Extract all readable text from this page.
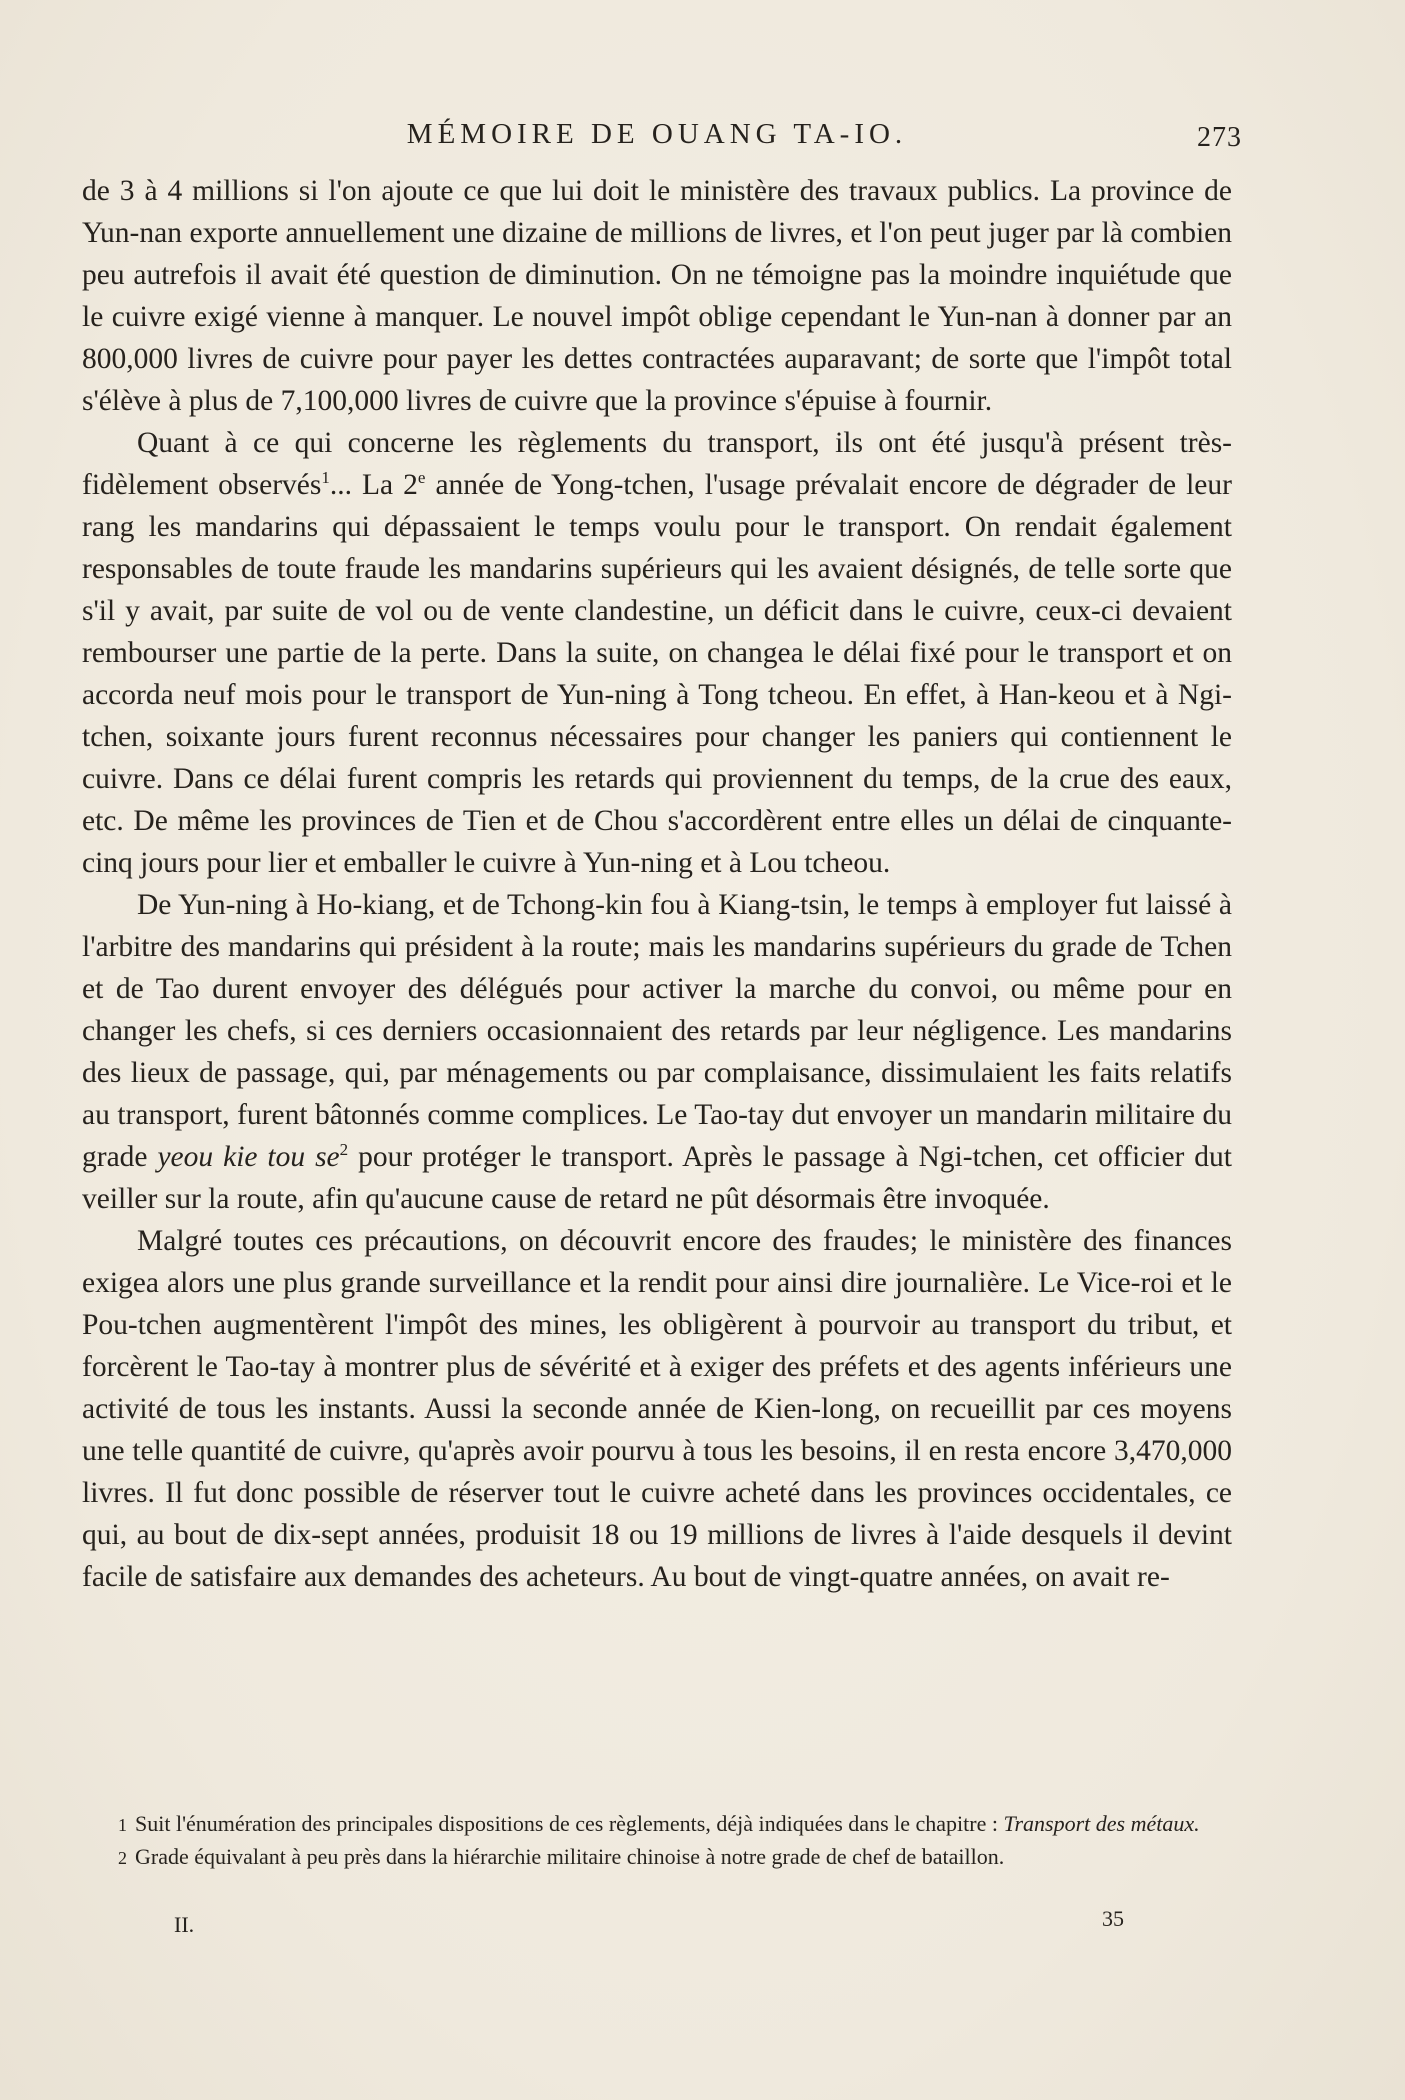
MÉMOIRE DE OUANG TA-IO.	273

de 3 à 4 millions si l'on ajoute ce que lui doit le ministère des travaux publics. La province de Yun-nan exporte annuellement une dizaine de millions de livres, et l'on peut juger par là combien peu autrefois il avait été question de diminution. On ne témoigne pas la moindre inquiétude que le cuivre exigé vienne à manquer. Le nouvel impôt oblige cependant le Yun-nan à donner par an 800,000 livres de cuivre pour payer les dettes contractées auparavant; de sorte que l'impôt total s'élève à plus de 7,100,000 livres de cuivre que la province s'épuise à fournir.

Quant à ce qui concerne les règlements du transport, ils ont été jusqu'à présent très-fidèlement observés$^1$... La 2e année de Yong-tchen, l'usage prévalait encore de dégrader de leur rang les mandarins qui dépassaient le temps voulu pour le transport. On rendait également responsables de toute fraude les mandarins supérieurs qui les avaient désignés, de telle sorte que s'il y avait, par suite de vol ou de vente clandestine, un déficit dans le cuivre, ceux-ci devaient rembourser une partie de la perte. Dans la suite, on changea le délai fixé pour le transport et on accorda neuf mois pour le transport de Yun-ning à Tong tcheou. En effet, à Han-keou et à Ngi-tchen, soixante jours furent reconnus nécessaires pour changer les paniers qui contiennent le cuivre. Dans ce délai furent compris les retards qui proviennent du temps, de la crue des eaux, etc. De même les provinces de Tien et de Chou s'accordèrent entre elles un délai de cinquante-cinq jours pour lier et emballer le cuivre à Yun-ning et à Lou tcheou.

De Yun-ning à Ho-kiang, et de Tchong-kin fou à Kiang-tsin, le temps à employer fut laissé à l'arbitre des mandarins qui président à la route; mais les mandarins supérieurs du grade de Tchen et de Tao durent envoyer des délégués pour activer la marche du convoi, ou même pour en changer les chefs, si ces derniers occasionnaient des retards par leur négligence. Les mandarins des lieux de passage, qui, par ménagements ou par complaisance, dissimulaient les faits relatifs au transport, furent bâtonnés comme complices. Le Tao-tay dut envoyer un mandarin militaire du grade yeou kie tou $se^2$ pour protéger le transport. Après le passage à Ngi-tchen, cet officier dut veiller sur la route, afin qu'aucune cause de retard ne pût désormais être invoquée.

Malgré toutes ces précautions, on découvrit encore des fraudes; le ministère des finances exigea alors une plus grande surveillance et la rendit pour ainsi dire journalière. Le Vice-roi et le Pou-tchen augmentèrent l'impôt des mines, les obligèrent à pourvoir au transport du tribut, et forcèrent le Tao-tay à montrer plus de sévérité et à exiger des préfets et des agents inférieurs une activité de tous les instants. Aussi la seconde année de Kien-long, on recueillit par ces moyens une telle quantité de cuivre, qu'après avoir pourvu à tous les besoins, il en resta encore 3,470,000 livres. Il fut donc possible de réserver tout le cuivre acheté dans les provinces occidentales, ce qui, au bout de dix-sept années, produisit 18 ou 19 millions de livres à l'aide desquels il devint facile de satisfaire aux demandes des acheteurs. Au bout de vingt-quatre années, on avait re-

1 Suit l'énumération des principales dispositions de ces règlements, déjà indiquées dans le chapitre : Transport des métaux.

2 Grade équivalant à peu près dans la hiérarchie militaire chinoise à notre grade de chef de bataillon.

II.	35
